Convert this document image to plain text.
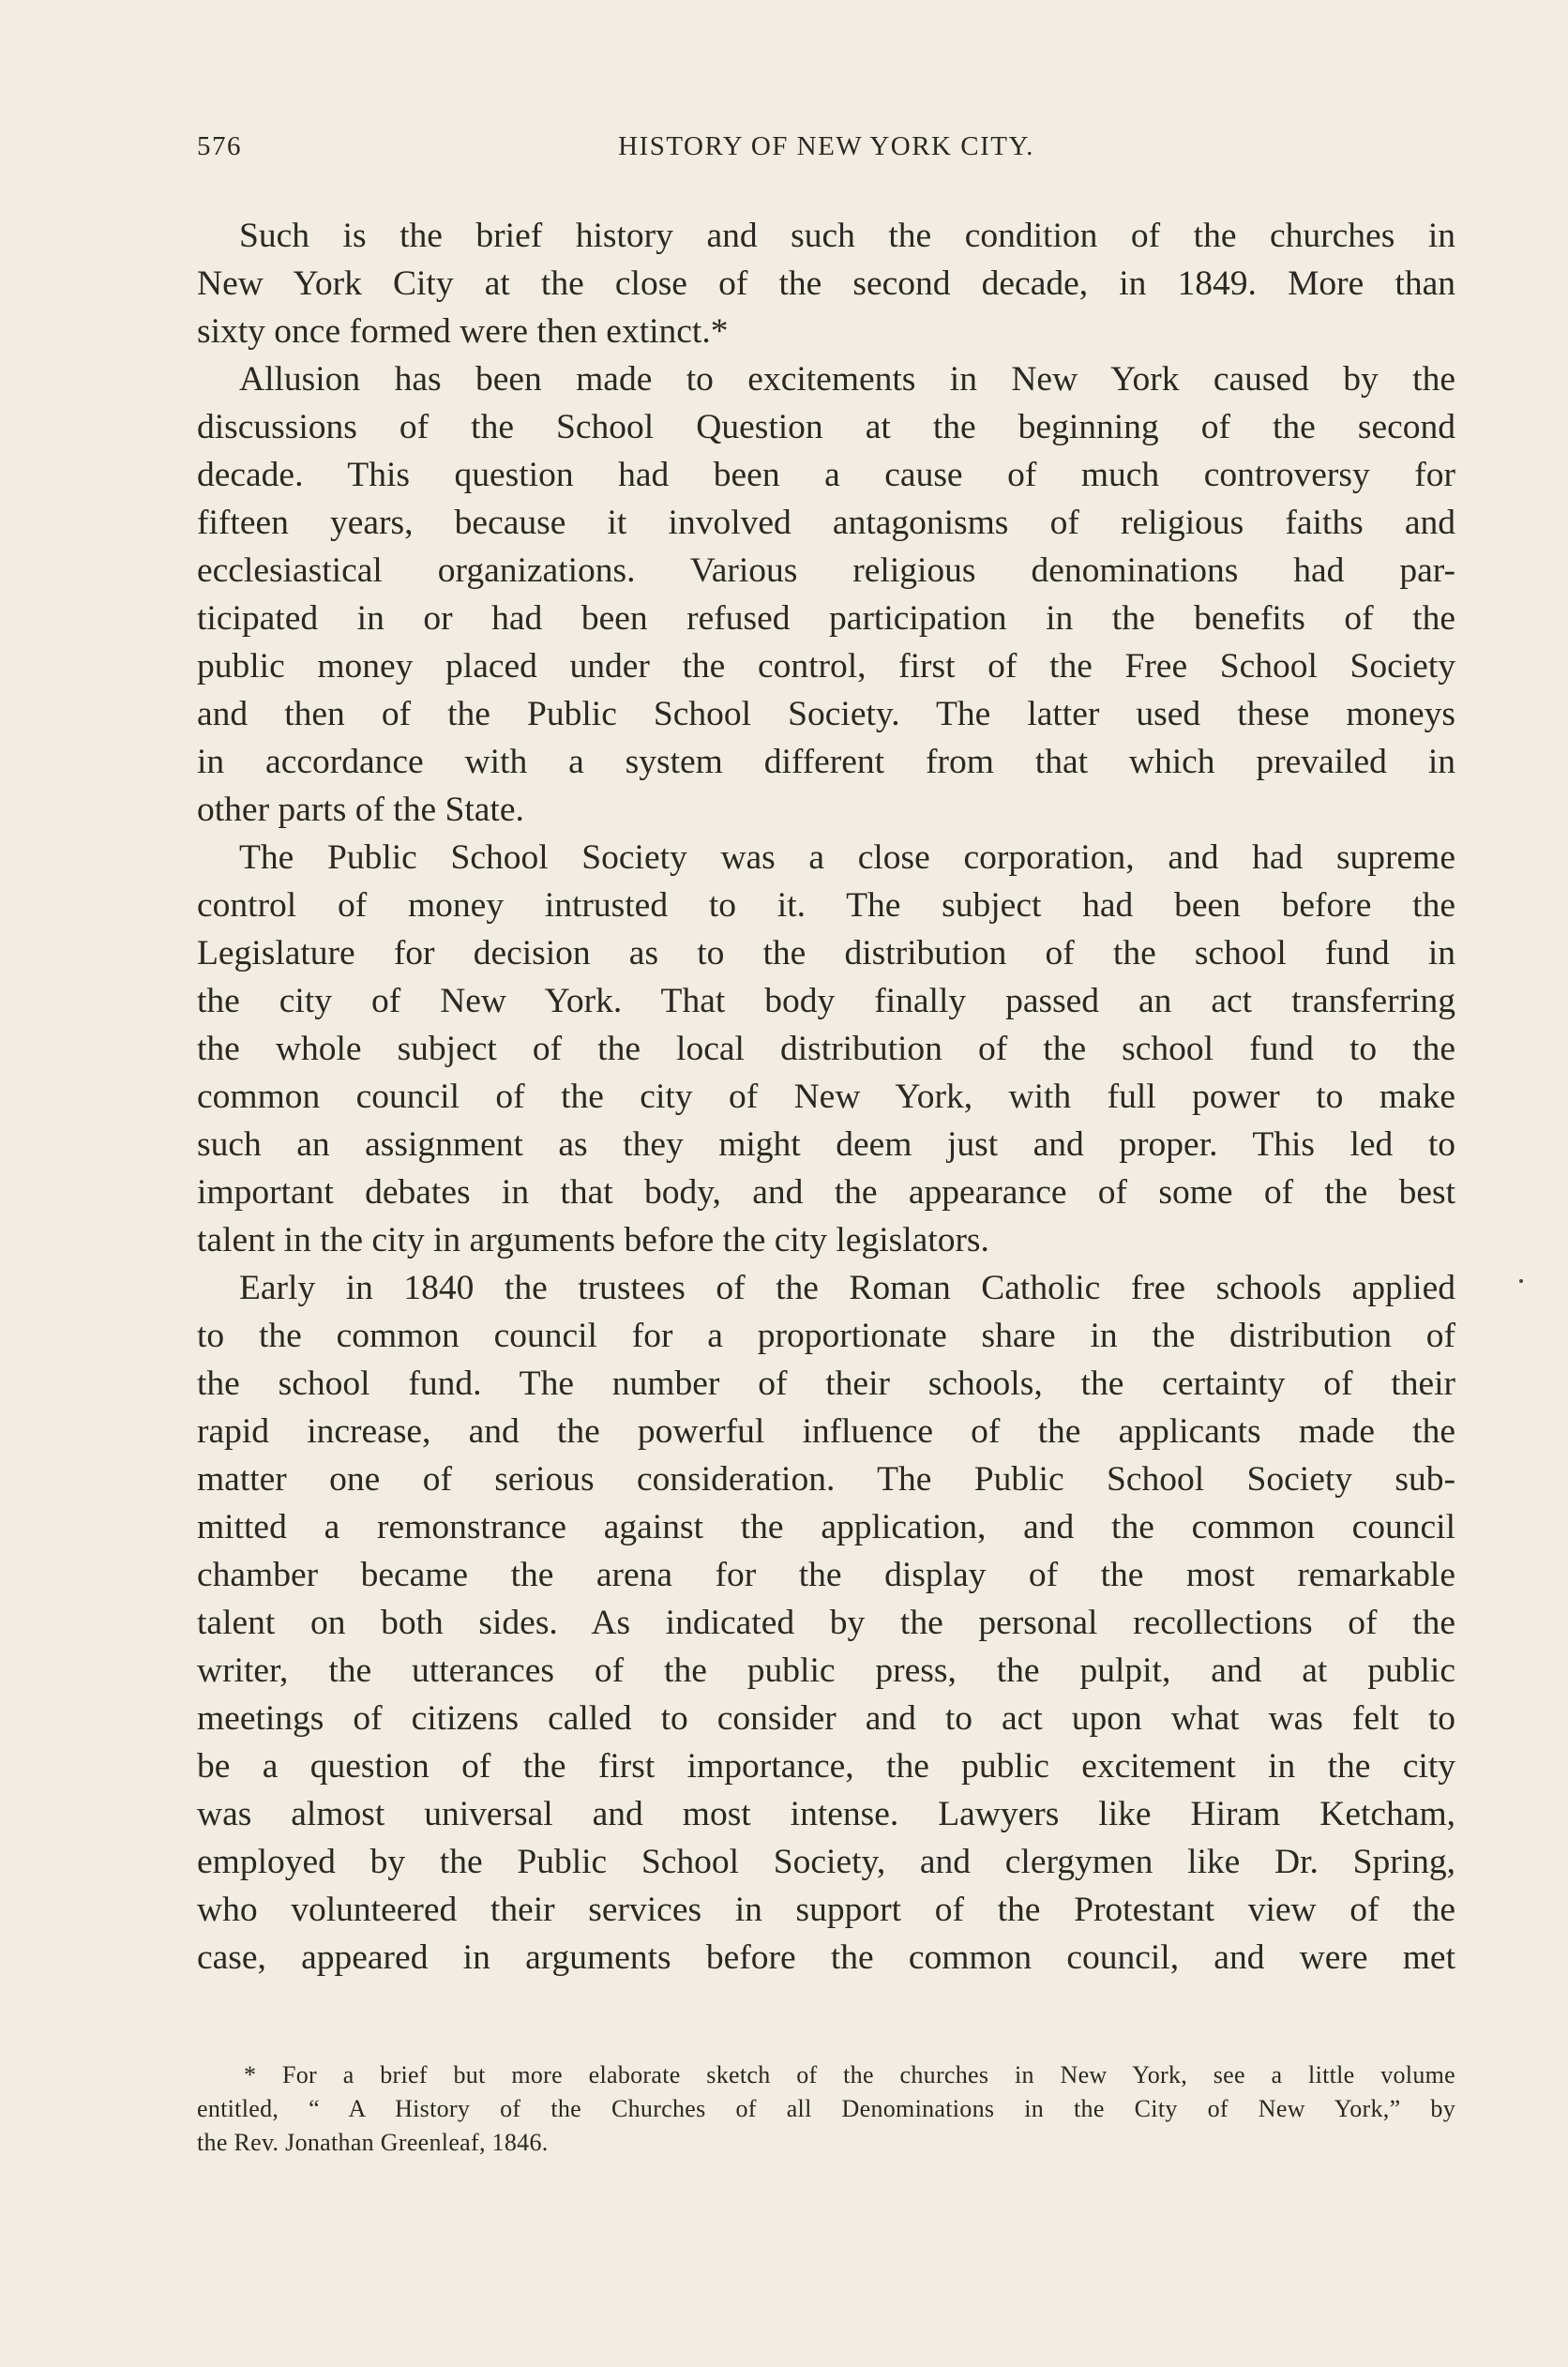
576	HISTORY OF NEW YORK CITY.
Such is the brief history and such the condition of the churches in
New York City at the close of the second decade, in 1849. More than
sixty once formed were then extinct.*
Allusion has been made to excitements in New York caused by the
discussions of the School Question at the beginning of the second
decade. This question had been a cause of much controversy for
fifteen years, because it involved antagonisms of religious faiths and
ecclesiastical organizations. Various religious denominations had par-
ticipated in or had been refused participation in the benefits of the
public money placed under the control, first of the Free School Society
and then of the Public School Society. The latter used these moneys
in accordance with a system different from that which prevailed in
other parts of the State.
The Public School Society was a close corporation, and had supreme
control of money intrusted to it. The subject had been before the
Legislature for decision as to the distribution of the school fund in
the city of New York. That body finally passed an act transferring
the whole subject of the local distribution of the school fund to the
common council of the city of New York, with full power to make
such an assignment as they might deem just and proper. This led to
important debates in that body, and the appearance of some of the best
talent in the city in arguments before the city legislators.
Early in 1840 the trustees of the Roman Catholic free schools applied
to the common council for a proportionate share in the distribution of
the school fund. The number of their schools, the certainty of their
rapid increase, and the powerful influence of the applicants made the
matter one of serious consideration. The Public School Society sub-
mitted a remonstrance against the application, and the common council
chamber became the arena for the display of the most remarkable
talent on both sides. As indicated by the personal recollections of the
writer, the utterances of the public press, the pulpit, and at public
meetings of citizens called to consider and to act upon what was felt to
be a question of the first importance, the public excitement in the city
was almost universal and most intense. Lawyers like Hiram Ketcham,
employed by the Public School Society, and clergymen like Dr. Spring,
who volunteered their services in support of the Protestant view of the
case, appeared in arguments before the common council, and were met
* For a brief but more elaborate sketch of the churches in New York, see a little volume
entitled, “ A History of the Churches of all Denominations in the City of New York,” by
the Rev. Jonathan Greenleaf, 1846.
